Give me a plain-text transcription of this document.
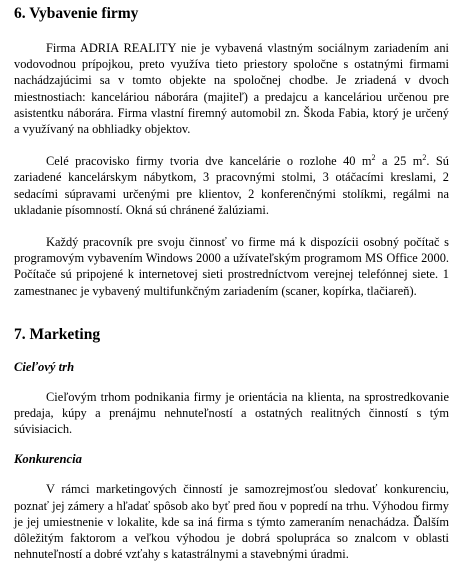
6. Vybavenie firmy

Firma ADRIA REALITY nie je vybavená vlastným sociálnym zariadením ani vodovodnou prípojkou, preto využíva tieto priestory spoločne s ostatnými firmami nachádzajúcimi sa v tomto objekte na spoločnej chodbe. Je zriadená v dvoch miestnostiach: kanceláriou náborára (majiteľ) a predajcu a kanceláriou určenou pre asistentku náborára. Firma vlastní firemný automobil zn. Škoda Fabia, ktorý je určený a využívaný na obhliadky objektov.

Celé pracovisko firmy tvoria dve kancelárie o rozlohe 40 $m^2$ a 25 $m^2$. Sú zariadené kancelárskym nábytkom, 3 pracovnými stolmi, 3 otáčacími kreslami, 2 sedacími súpravami určenými pre klientov, 2 konferenčnými stolíkmi, regálmi na ukladanie písomností. Okná sú chránené žalúziami.

Každý pracovník pre svoju činnosť vo firme má k dispozícii osobný počítač s programovým vybavením Windows 2000 a užívateľským programom MS Office 2000. Počítače sú pripojené k internetovej sieti prostredníctvom verejnej telefónnej siete. 1 zamestnanec je vybavený multifunkčným zariadením (scaner, kopírka, tlačiareň).

7. Marketing
Cieľový trh

Cieľovým trhom podnikania firmy je orientácia na klienta, na sprostredkovanie predaja, kúpy a prenájmu nehnuteľností a ostatných realitných činností s tým súvisiacich.

Konkurencia

V rámci marketingových činností je samozrejmosťou sledovať konkurenciu, poznať jej zámery a hľadať spôsob ako byť pred ňou v popredí na trhu. Výhodou firmy je jej umiestnenie v lokalite, kde sa iná firma s týmto zameraním nenachádza. Ďalším dôležitým faktorom a veľkou výhodou je dobrá spolupráca so znalcom v oblasti nehnuteľností a dobré vzťahy s katastrálnymi a stavebnými úradmi.
